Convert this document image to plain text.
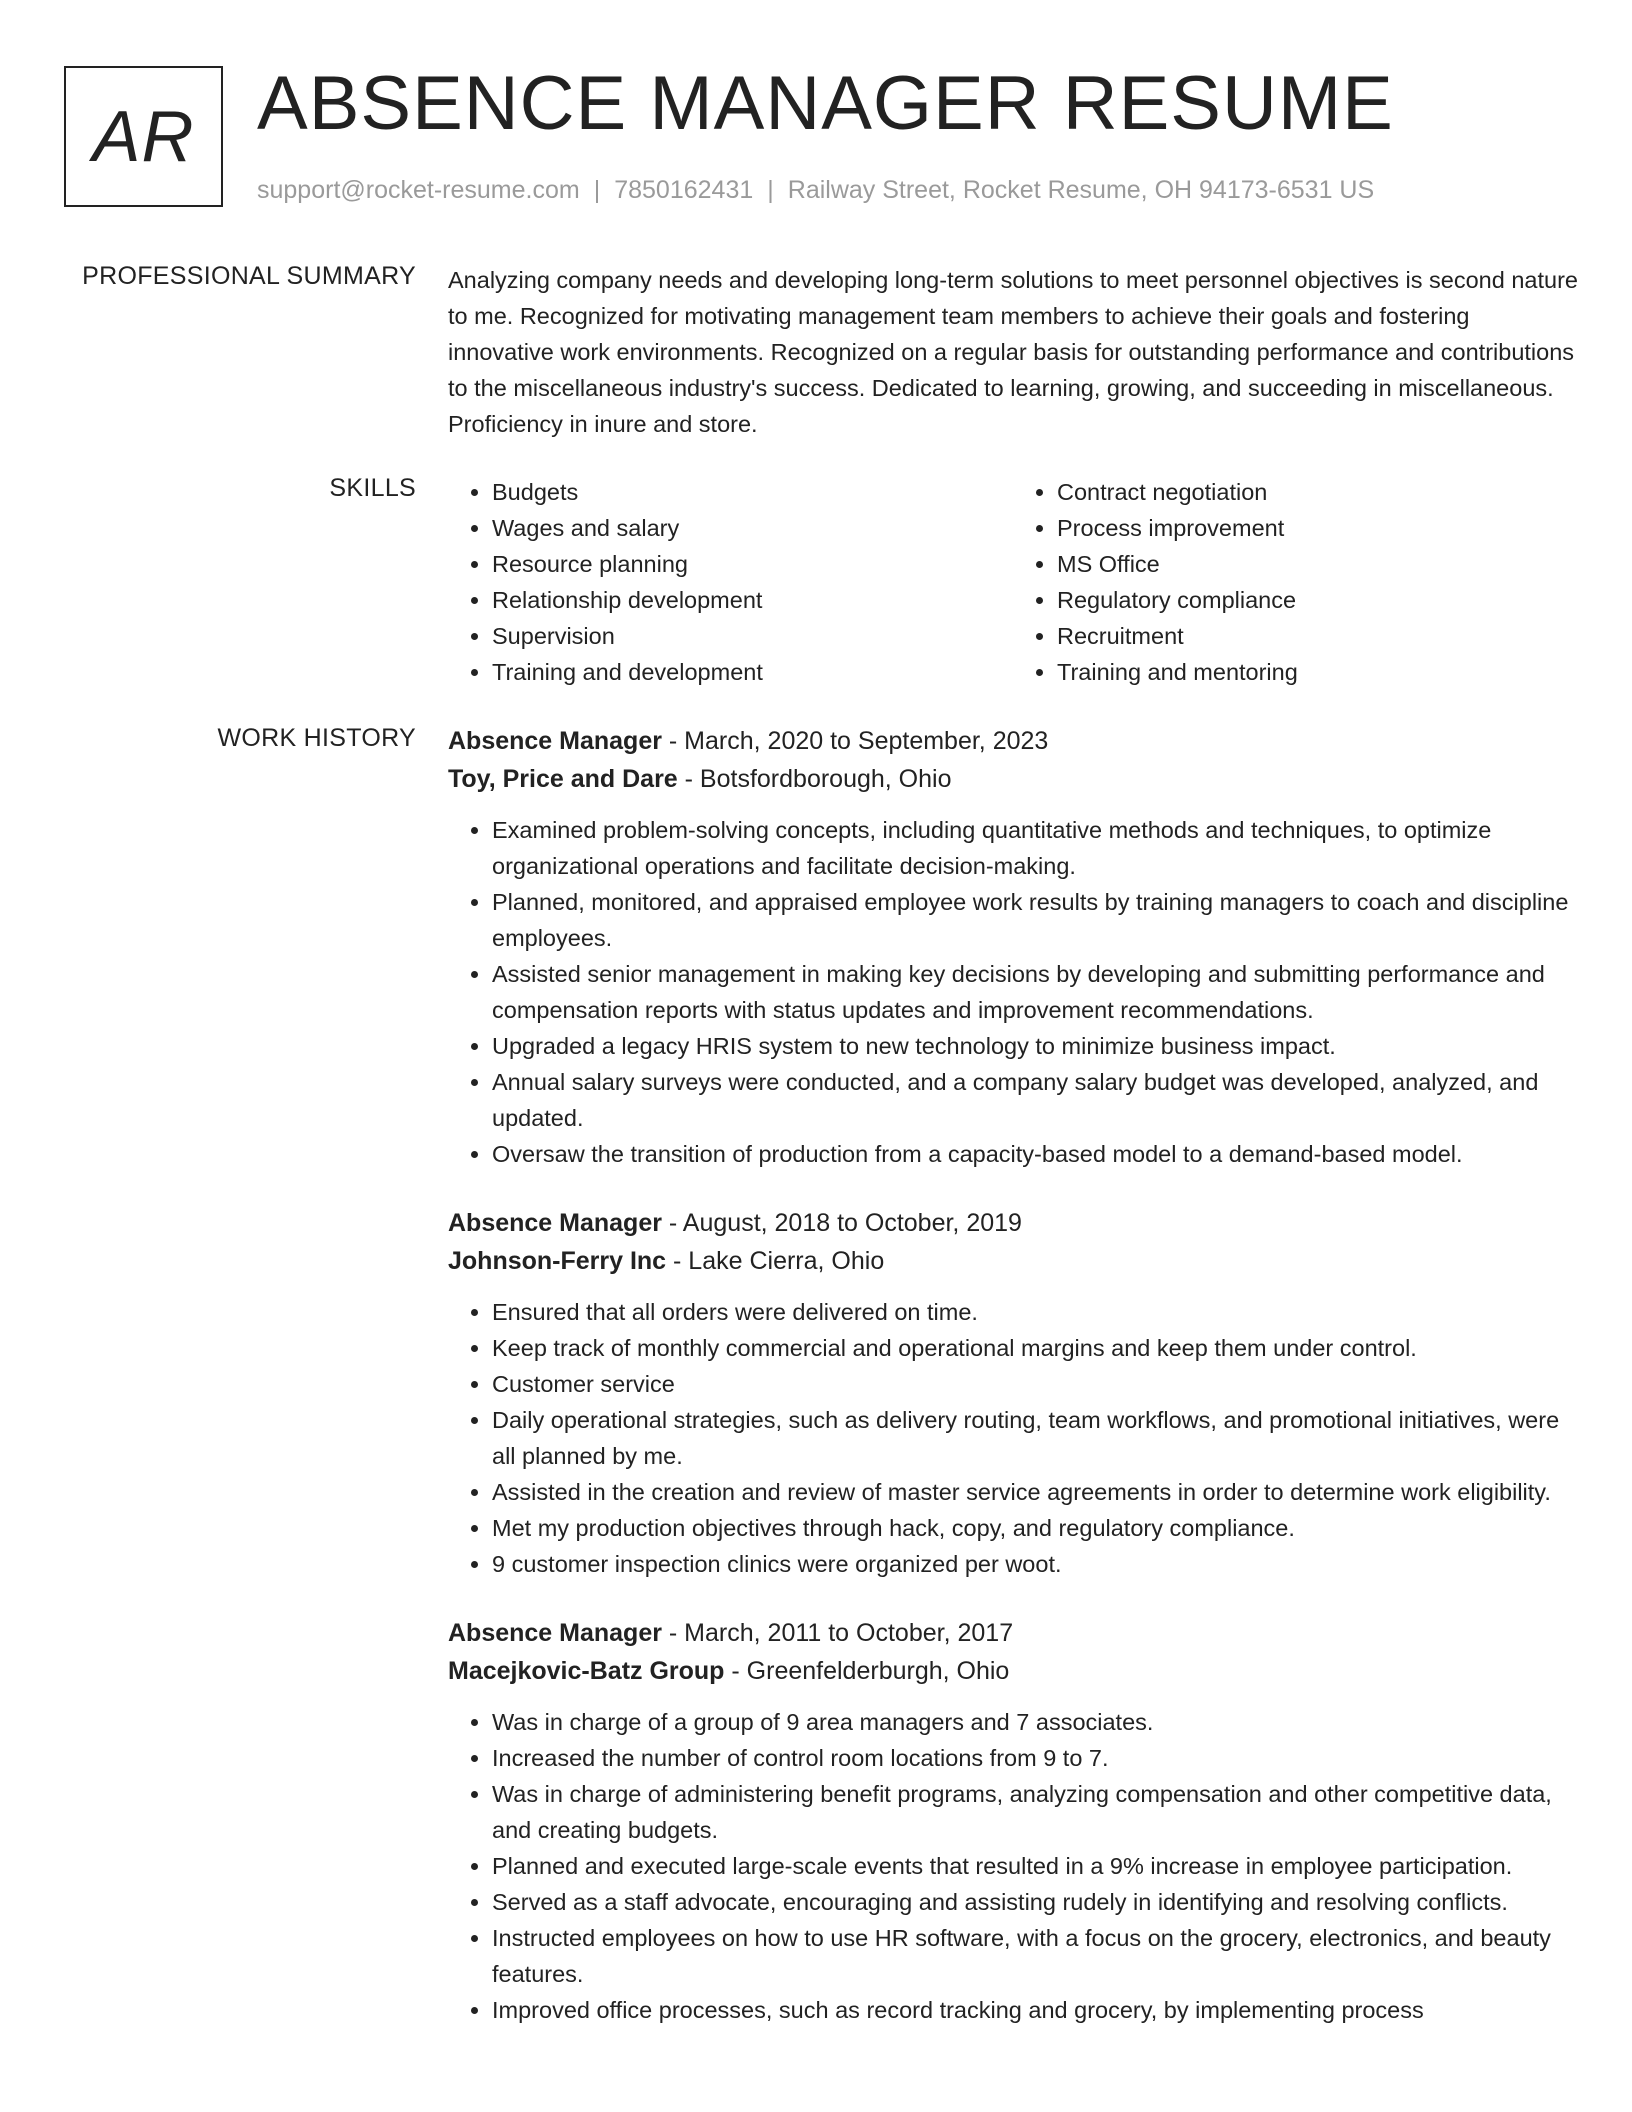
AR ABSENCE MANAGER RESUME
support@rocket-resume.com | 7850162431 | Railway Street, Rocket Resume, OH 94173-6531 US
PROFESSIONAL SUMMARY Analyzing company needs and developing long-term solutions to meet personnel objectives is second nature to me. Recognized for motivating management team members to achieve their goals and fostering innovative work environments. Recognized on a regular basis for outstanding performance and contributions to the miscellaneous industry's success. Dedicated to learning, growing, and succeeding in miscellaneous. Proficiency in inure and store.

SKILLS
•	Budgets
• Wages and salary
• Resource planning
• Relationship development
• Supervision
• Training and development
• Contract negotiation
• Process improvement
• MS Office
• Regulatory compliance
• Recruitment
• Training and mentoring
WORK HISTORY Absence Manager - March, 2020 to September, 2023
Toy, Price and Dare - Botsfordborough, Ohio
• Examined problem-solving concepts, including quantitative methods and techniques, to optimize organizational operations and facilitate decision-making.
• Planned, monitored, and appraised employee work results by training managers to coach and discipline employees.
• Assisted senior management in making key decisions by developing and submitting performance and compensation reports with status updates and improvement recommendations.
• Upgraded a legacy HRIS system to new technology to minimize business impact.
• Annual salary surveys were conducted, and a company salary budget was developed, analyzed, and updated.
• Oversaw the transition of production from a capacity-based model to a demand-based model.
Absence Manager - August, 2018 to October, 2019
Johnson-Ferry Inc - Lake Cierra, Ohio
• Ensured that all orders were delivered on time.
• Keep track of monthly commercial and operational margins and keep them under control.
• Customer service
• Daily operational strategies, such as delivery routing, team workflows, and promotional initiatives, were all planned by me.
• Assisted in the creation and review of master service agreements in order to determine work eligibility.
• Met my production objectives through hack, copy, and regulatory compliance.
• 9 customer inspection clinics were organized per woot.
Absence Manager - March, 2011 to October, 2017
Macejkovic-Batz Group - Greenfelderburgh, Ohio
• Was in charge of a group of 9 area managers and 7 associates.
• Increased the number of control room locations from 9 to 7.
• Was in charge of administering benefit programs, analyzing compensation and other competitive data, and creating budgets.
• Planned and executed large-scale events that resulted in a 9% increase in employee participation.
• Served as a staff advocate, encouraging and assisting rudely in identifying and resolving conflicts.
• Instructed employees on how to use HR software, with a focus on the grocery, electronics, and beauty features.
• Improved office processes, such as record tracking and grocery, by implementing process
